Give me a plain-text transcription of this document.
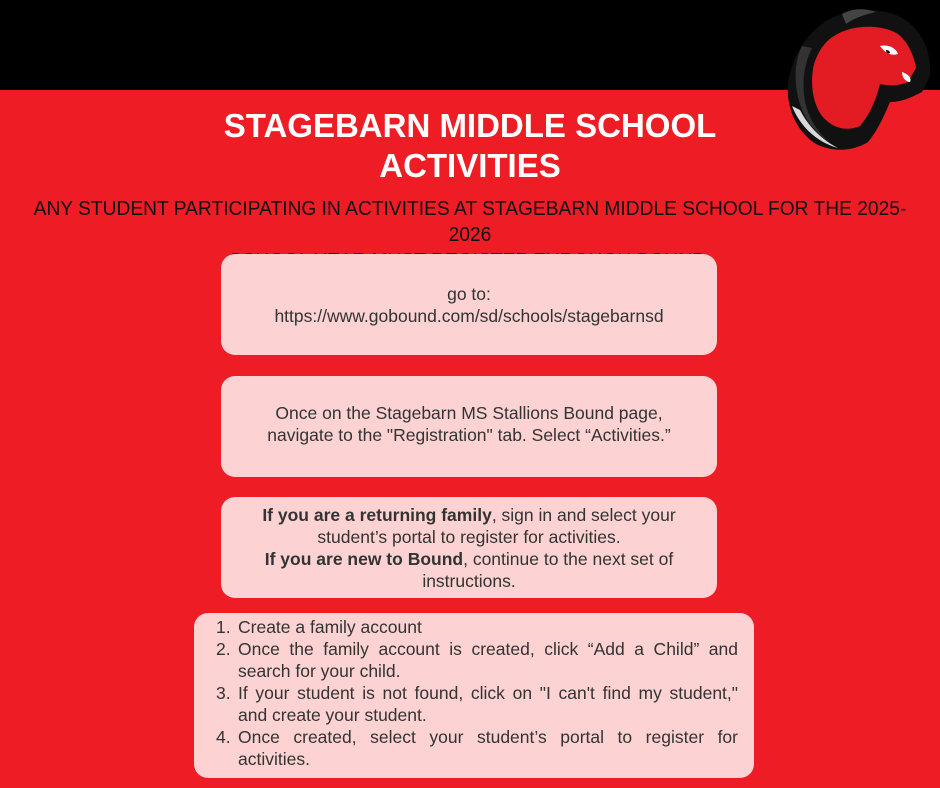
STAGEBARN MIDDLE SCHOOL
ACTIVITIES
ANY STUDENT PARTICIPATING IN ACTIVITIES AT STAGEBARN MIDDLE SCHOOL FOR THE 2025-2026
go to:
https://www.gobound.com/sd/schools/stagebarnsd
Once on the Stagebarn MS Stallions Bound page,
navigate to the "Registration" tab. Select “Activities.”
If you are a returning family, sign in and select your
student’s portal to register for activities.
If you are new to Bound, continue to the next set of
instructions.
1. Create a family account
2. Once the family account is created, click “Add a Child” and search for your child.
3. If your student is not found, click on "I can't find my student," and create your student.
4. Once created, select your student’s portal to register for activities.
